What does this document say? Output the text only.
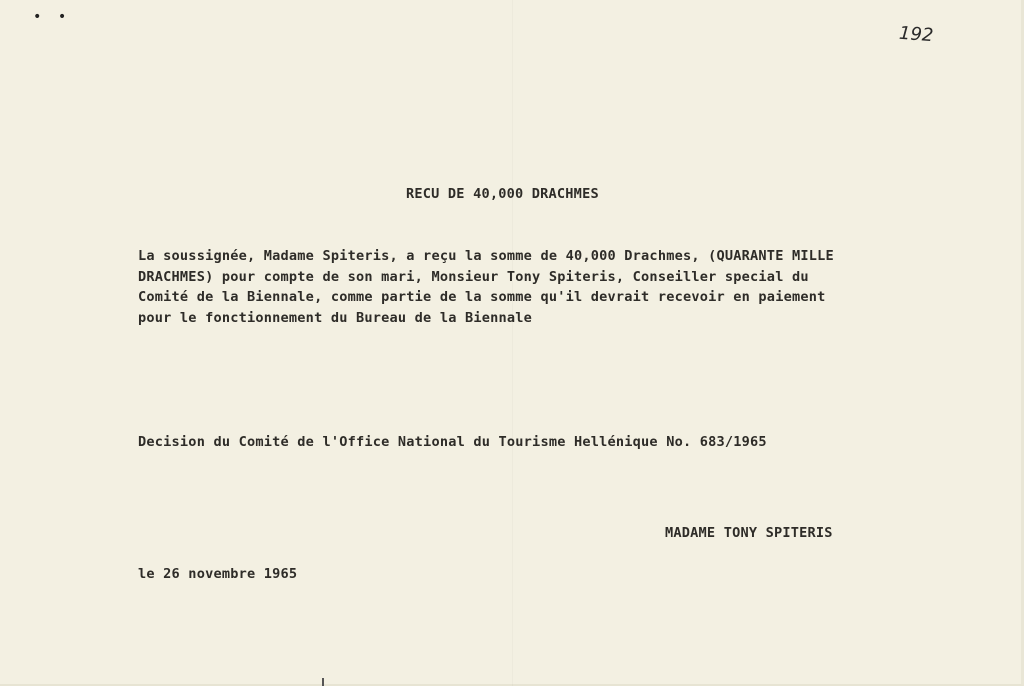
• •
192
RECU DE 40,000 DRACHMES

La soussignée, Madame Spiteris, a reçu la somme de 40,000 Drachmes, (QUARANTE MILLE
DRACHMES) pour compte de son mari, Monsieur Tony Spiteris, Conseiller special du
Comité de la Biennale, comme partie de la somme qu'il devrait recevoir en paiement
pour le fonctionnement du Bureau de la Biennale

Decision du Comité de l'Office National du Tourisme Hellénique No. 683/1965
MADAME TONY SPITERIS
le 26 novembre 1965
